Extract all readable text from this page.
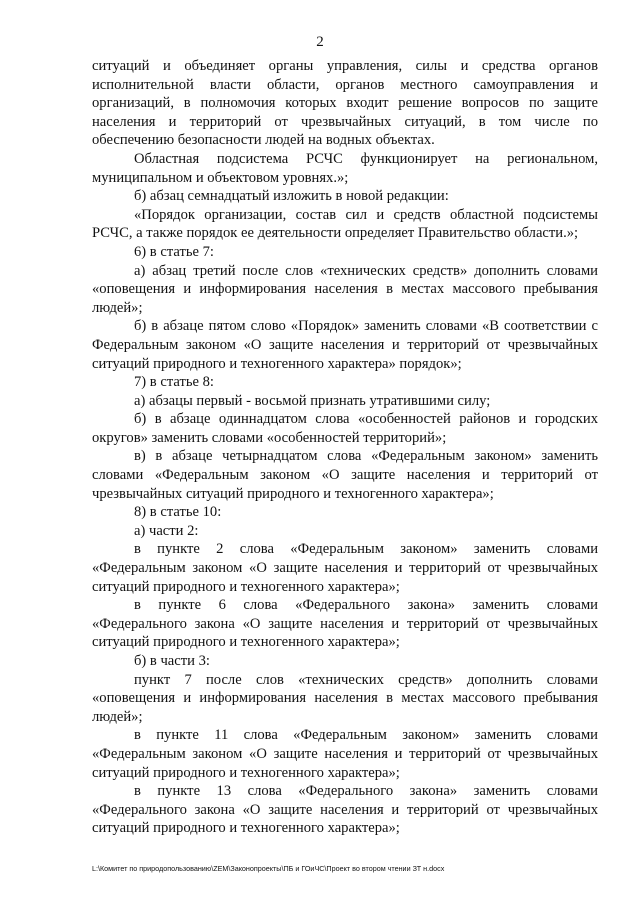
2

ситуаций и объединяет органы управления, силы и средства органов исполнительной власти области, органов местного самоуправления и организаций, в полномочия которых входит решение вопросов по защите населения и территорий от чрезвычайных ситуаций, в том числе по обеспечению безопасности людей на водных объектах.

Областная подсистема РСЧС функционирует на региональном, муниципальном и объектовом уровнях.»;

б) абзац семнадцатый изложить в новой редакции:

«Порядок организации, состав сил и средств областной подсистемы РСЧС, а также порядок ее деятельности определяет Правительство области.»;

6) в статье 7:

а) абзац третий после слов «технических средств» дополнить словами «оповещения и информирования населения в местах массового пребывания людей»;

б) в абзаце пятом слово «Порядок» заменить словами «В соответствии с Федеральным законом «О защите населения и территорий от чрезвычайных ситуаций природного и техногенного характера» порядок»;

7) в статье 8:

а) абзацы первый - восьмой признать утратившими силу;

б) в абзаце одиннадцатом слова «особенностей районов и городских округов» заменить словами «особенностей территорий»;

в) в абзаце четырнадцатом слова «Федеральным законом» заменить словами «Федеральным законом «О защите населения и территорий от чрезвычайных ситуаций природного и техногенного характера»;

8) в статье 10:

а) части 2:

в пункте 2 слова «Федеральным законом» заменить словами «Федеральным законом «О защите населения и территорий от чрезвычайных ситуаций природного и техногенного характера»;

в пункте 6 слова «Федерального закона» заменить словами «Федерального закона «О защите населения и территорий от чрезвычайных ситуаций природного и техногенного характера»;

б) в части 3:

пункт 7 после слов «технических средств» дополнить словами «оповещения и информирования населения в местах массового пребывания людей»;

в пункте 11 слова «Федеральным законом» заменить словами «Федеральным законом «О защите населения и территорий от чрезвычайных ситуаций природного и техногенного характера»;

в пункте 13 слова «Федерального закона» заменить словами «Федерального закона «О защите населения и территорий от чрезвычайных ситуаций природного и техногенного характера»;

L:\Комитет по природопользованию\ZEM\Законопроекты\ПБ и ГОиЧС\Проект во втором чтении ЗТ н.docx
